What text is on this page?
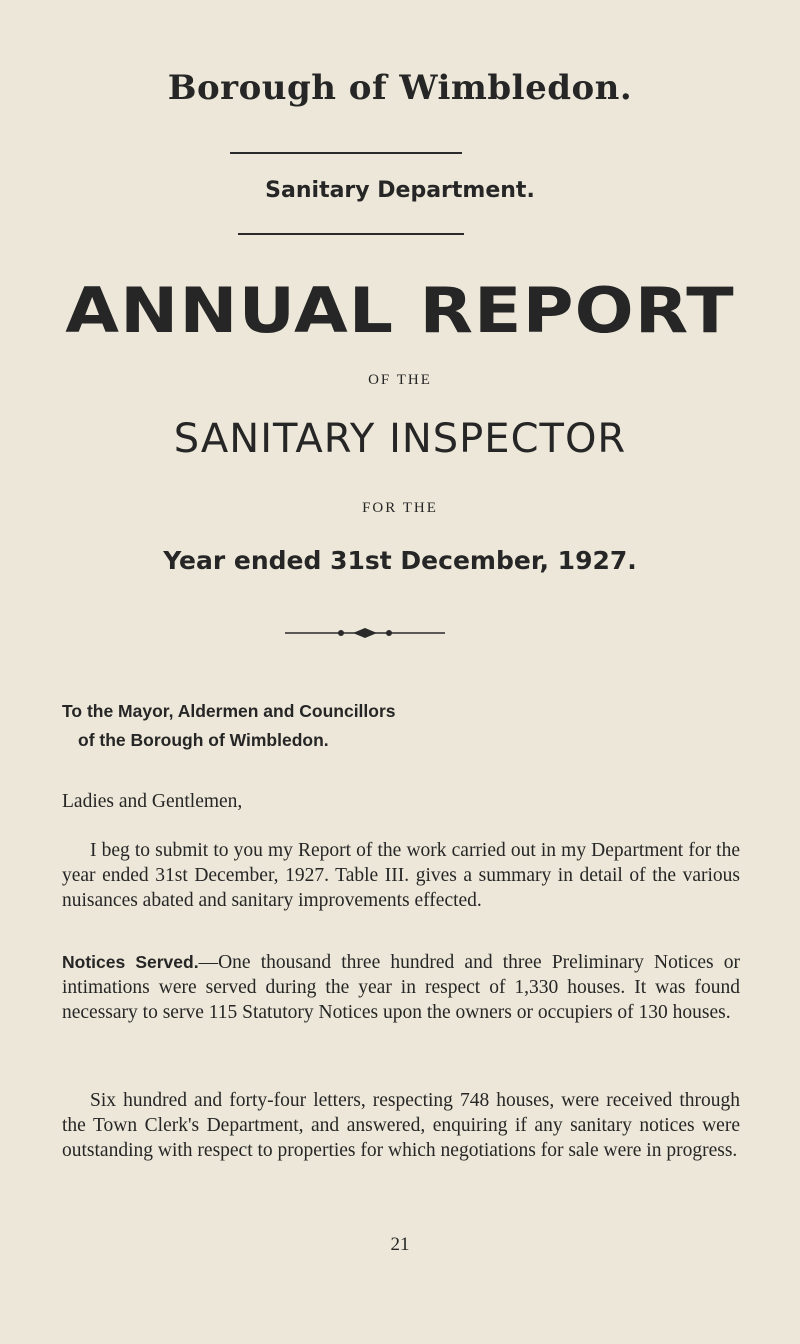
Borough of Wimbledon.
Sanitary Department.
ANNUAL REPORT
OF THE
SANITARY INSPECTOR
FOR THE
Year ended 31st December, 1927.
To the Mayor, Aldermen and Councillors
of the Borough of Wimbledon.
Ladies and Gentlemen,
I beg to submit to you my Report of the work carried out in my Department for the year ended 31st December, 1927. Table III. gives a summary in detail of the various nuisances abated and sanitary improvements effected.
Notices Served.—One thousand three hundred and three Preliminary Notices or intimations were served during the year in respect of 1,330 houses. It was found necessary to serve 115 Statutory Notices upon the owners or occupiers of 130 houses.
Six hundred and forty-four letters, respecting 748 houses, were received through the Town Clerk's Department, and answered, enquiring if any sanitary notices were outstanding with respect to properties for which negotiations for sale were in progress.
21
